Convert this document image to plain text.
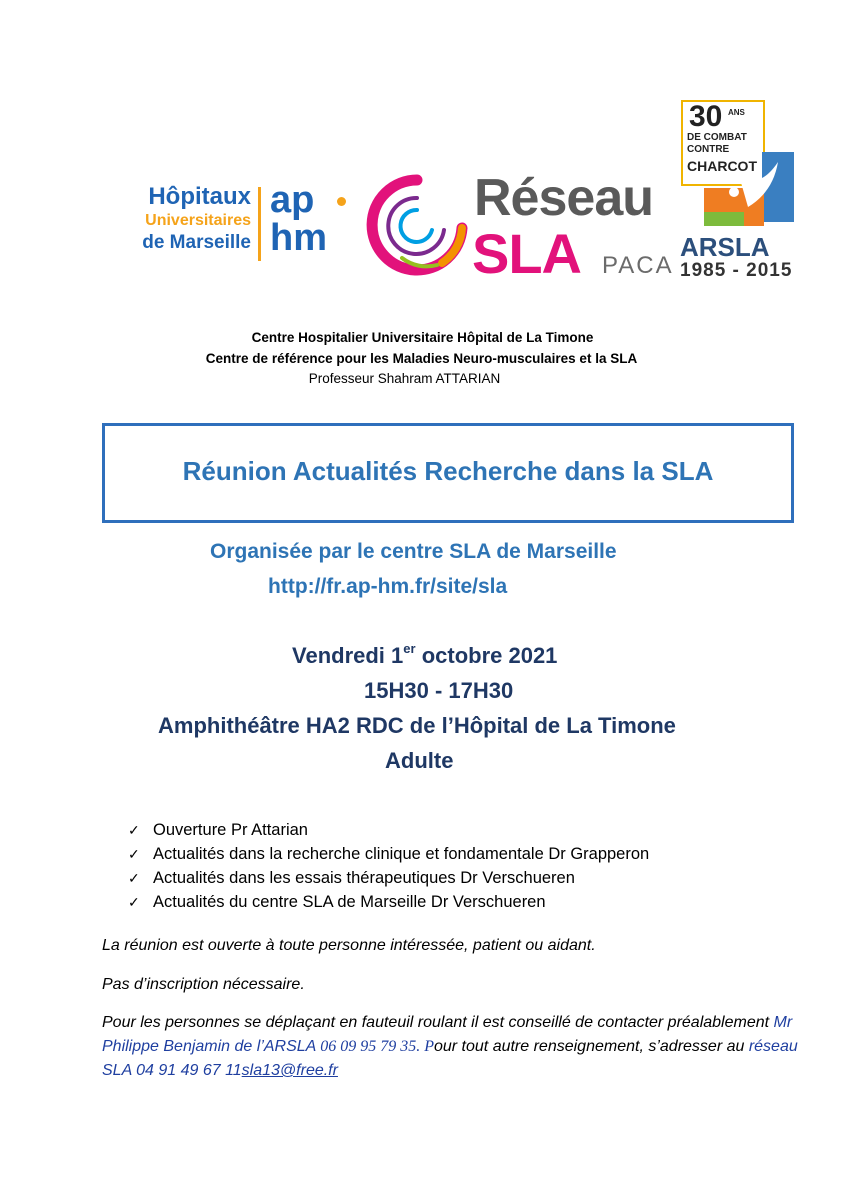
Hôpitaux
Universitaires
de Marseille
ap
hm
Réseau
SLA PACA
30 ANS
DE COMBAT CONTRE
CHARCOT
ARSLA
1985 - 2015
Centre Hospitalier Universitaire Hôpital de La Timone
Centre de référence pour les Maladies Neuro-musculaires et la SLA
Professeur Shahram ATTARIAN
Réunion Actualités Recherche dans la SLA
Organisée par le centre SLA de Marseille
http://fr.ap-hm.fr/site/sla
Vendredi 1er octobre 2021
15H30 - 17H30
Amphithéâtre HA2 RDC de l’Hôpital de La Timone
Adulte
✓ Ouverture Pr Attarian
✓ Actualités dans la recherche clinique et fondamentale Dr Grapperon
✓ Actualités dans les essais thérapeutiques Dr Verschueren
✓ Actualités du centre SLA de Marseille Dr Verschueren
La réunion est ouverte à toute personne intéressée, patient ou aidant.
Pas d’inscription nécessaire.
Pour les personnes se déplaçant en fauteuil roulant il est conseillé de contacter préalablement Mr Philippe Benjamin de l’ARSLA 06 09 95 79 35. Pour tout autre renseignement, s’adresser au réseau SLA 04 91 49 67 11sla13@free.fr
